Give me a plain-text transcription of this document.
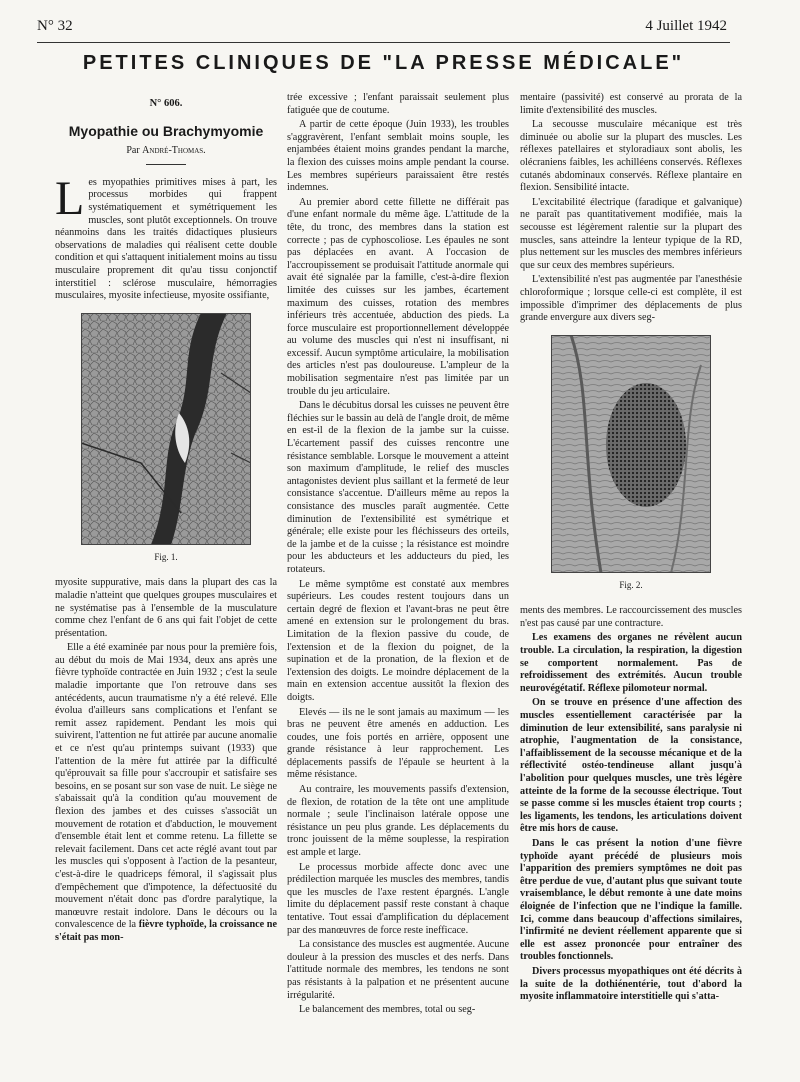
N° 32	4 Juillet 1942
PETITES CLINIQUES DE "LA PRESSE MÉDICALE"
N° 606.
Myopathie ou Brachymyomie
Par André-Thomas.

Les myopathies primitives mises à part, les processus morbides qui frappent systématiquement et symétriquement les muscles, sont plutôt exceptionnels. On trouve néanmoins dans les traités didactiques plusieurs observations de maladies qui réalisent cette double condition et qui s'attaquent initialement moins au tissu musculaire proprement dit qu'au tissu conjonctif interstitiel : sclérose musculaire, hémorragies musculaires, myosite infectieuse, myosite ossifiante,

Fig. 1.

myosite suppurative, mais dans la plupart des cas la maladie n'atteint que quelques groupes musculaires et ne systématise pas à l'ensemble de la musculature comme chez l'enfant de 6 ans qui fait l'objet de cette présentation.

Elle a été examinée par nous pour la première fois, au début du mois de Mai 1934, deux ans après une fièvre typhoïde contractée en Juin 1932 ; c'est la seule maladie importante que l'on retrouve dans ses antécédents, aucun traumatisme n'y a été relevé. Elle évolua d'ailleurs sans complications et l'enfant se remit assez rapidement. Pendant les mois qui suivirent, l'attention ne fut attirée par aucune anomalie et ce n'est qu'au printemps suivant (1933) que l'attention de la mère fut attirée par la difficulté qu'éprouvait sa fille pour s'accroupir et satisfaire ses besoins, en se posant sur son vase de nuit. Le siège ne s'abaissait qu'à la condition qu'au mouvement de flexion des jambes et des cuisses s'associât un mouvement de rotation et d'abduction, le mouvement d'ensemble était lent et comme retenu. La fillette se relevait facilement. Dans cet acte réglé avant tout par les muscles qui s'opposent à l'action de la pesanteur, c'est-à-dire le quadriceps fémoral, il s'agissait plus d'empêchement que d'impotence, la défectuosité du mouvement n'était donc pas d'ordre paralytique, la manœuvre restait indolore. Dans le décours ou la convalescence de la fièvre typhoïde, la croissance ne s'était pas mon-

trée excessive ; l'enfant paraissait seulement plus fatiguée que de coutume.

A partir de cette époque (Juin 1933), les troubles s'aggravèrent, l'enfant semblait moins souple, les enjambées étaient moins grandes pendant la marche, la flexion des cuisses moins ample pendant la course. Les membres supérieurs paraissaient être restés indemnes.

Au premier abord cette fillette ne différait pas d'une enfant normale du même âge. L'attitude de la tête, du tronc, des membres dans la station est correcte ; pas de cyphoscoliose. Les épaules ne sont pas déplacées en avant. A l'occasion de l'accroupissement se produisait l'attitude anormale qui avait été signalée par la famille, c'est-à-dire flexion limitée des cuisses sur les jambes, écartement maximum des cuisses, rotation des membres inférieurs très accentuée, abduction des pieds. La force musculaire est proportionnellement développée au volume des muscles qui n'est ni insuffisant, ni excessif. Aucun symptôme articulaire, la mobilisation des articles n'est pas douloureuse. L'ampleur de la mobilisation segmentaire n'est pas limitée par un trouble du jeu articulaire.

Dans le décubitus dorsal les cuisses ne peuvent être fléchies sur le bassin au delà de l'angle droit, de même en est-il de la flexion de la jambe sur la cuisse. L'écartement passif des cuisses rencontre une résistance semblable. Lorsque le mouvement a atteint son maximum d'amplitude, le relief des muscles antagonistes devient plus saillant et la fermeté de leur consistance s'accentue. D'ailleurs même au repos la consistance des muscles paraît augmentée. Cette diminution de l'extensibilité est symétrique et générale; elle existe pour les fléchisseurs des orteils, de la jambe et de la cuisse ; la résistance est moindre pour les abducteurs et les adducteurs du pied, les rotateurs.

Le même symptôme est constaté aux membres supérieurs. Les coudes restent toujours dans un certain degré de flexion et l'avant-bras ne peut être amené en extension sur le prolongement du bras. Limitation de la flexion passive du coude, de l'extension et de la flexion du poignet, de la supination et de la pronation, de la flexion et de l'extension des doigts. Le moindre déplacement de la main en extension accentue aussitôt la flexion des doigts.

Elevés — ils ne le sont jamais au maximum — les bras ne peuvent être amenés en adduction. Les coudes, une fois portés en arrière, opposent une grande résistance à leur rapprochement. Les déplacements passifs de l'épaule se heurtent à la même résistance.

Au contraire, les mouvements passifs d'extension, de flexion, de rotation de la tête ont une amplitude normale ; seule l'inclinaison latérale oppose une résistance un peu plus grande. Les déplacements du tronc jouissent de la même souplesse, la respiration est ample et large.

Le processus morbide affecte donc avec une prédilection marquée les muscles des membres, tandis que les muscles de l'axe restent épargnés. L'angle limite du déplacement passif reste constant à chaque tentative. Tout essai d'amplification du déplacement par des manœuvres de force reste inefficace.

La consistance des muscles est augmentée. Aucune douleur à la pression des muscles et des nerfs. Dans l'attitude normale des membres, les tendons ne sont pas résistants à la palpation et ne présentent aucune irrégularité.

Le balancement des membres, total ou seg-

mentaire (passivité) est conservé au prorata de la limite d'extensibilité des muscles.

La secousse musculaire mécanique est très diminuée ou abolie sur la plupart des muscles. Les réflexes patellaires et styloradiaux sont abolis, les olécraniens faibles, les achilléens conservés. Réflexes cutanés abdominaux conservés. Réflexe plantaire en flexion. Sensibilité intacte.

L'excitabilité électrique (faradique et galvanique) ne paraît pas quantitativement modifiée, mais la secousse est légèrement ralentie sur la plupart des muscles, sans atteindre la lenteur typique de la RD, plus nettement sur les muscles des membres inférieurs que sur ceux des membres supérieurs.

L'extensibilité n'est pas augmentée par l'anesthésie chloroformique ; lorsque celle-ci est complète, il est impossible d'imprimer des déplacements de plus grande envergure aux divers seg-

Fig. 2.

ments des membres. Le raccourcissement des muscles n'est pas causé par une contracture.

Les examens des organes ne révèlent aucun trouble. La circulation, la respiration, la digestion se comportent normalement. Pas de refroidissement des extrémités. Aucun trouble neurovégétatif. Réflexe pilomoteur normal.

On se trouve en présence d'une affection des muscles essentiellement caractérisée par la diminution de leur extensibilité, sans paralysie ni atrophie, l'augmentation de la consistance, l'affaiblissement de la secousse mécanique et de la réflectivité ostéo-tendineuse allant jusqu'à l'abolition pour quelques muscles, une très légère atteinte de la forme de la secousse électrique. Tout se passe comme si les muscles étaient trop courts ; les ligaments, les tendons, les articulations doivent être mis hors de cause.

Dans le cas présent la notion d'une fièvre typhoïde ayant précédé de plusieurs mois l'apparition des premiers symptômes ne doit pas être perdue de vue, d'autant plus que suivant toute vraisemblance, le début remonte à une date moins éloignée de l'infection que ne l'indique la famille. Ici, comme dans beaucoup d'affections similaires, l'infirmité ne devient réellement apparente que si elle est assez prononcée pour entraîner des troubles fonctionnels.

Divers processus myopathiques ont été décrits à la suite de la dothiénentérie, tout d'abord la myosite inflammatoire interstitielle qui s'atta-
